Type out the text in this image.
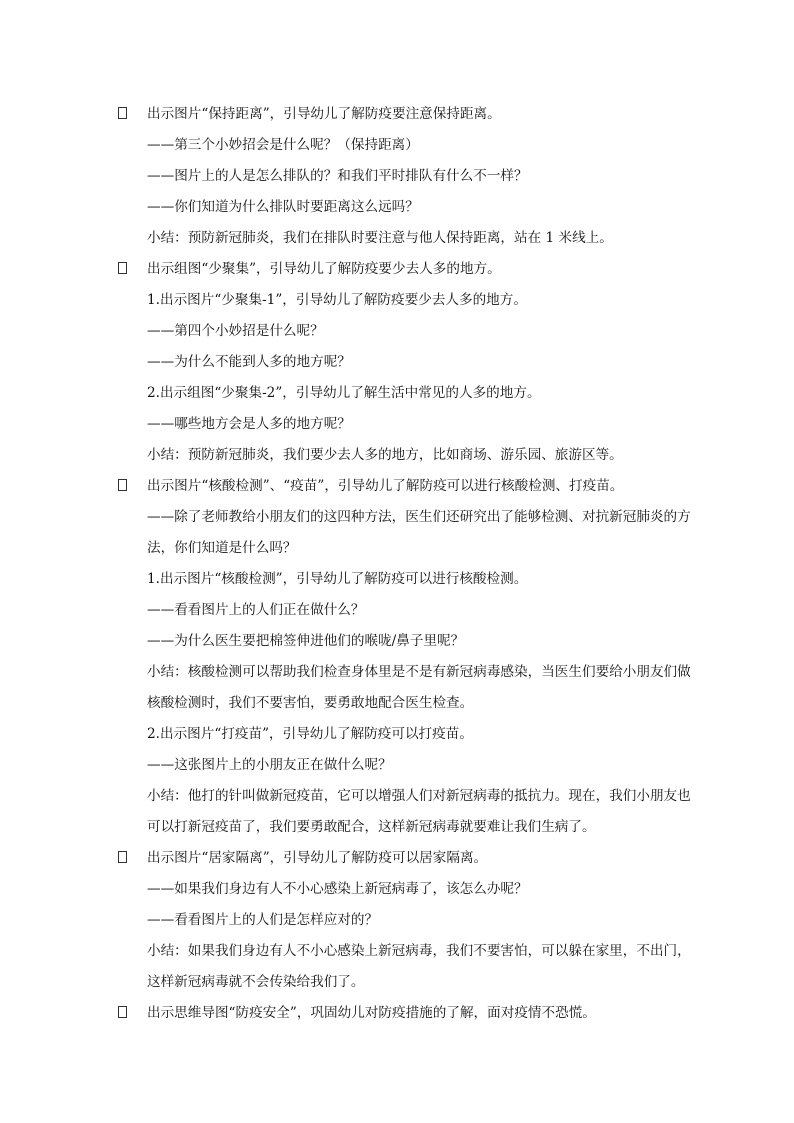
出示图片“保持距离”，引导幼儿了解防疫要注意保持距离。
——第三个小妙招会是什么呢？（保持距离）
——图片上的人是怎么排队的？和我们平时排队有什么不一样？
——你们知道为什么排队时要距离这么远吗？
小结：预防新冠肺炎，我们在排队时要注意与他人保持距离，站在 1 米线上。
出示组图“少聚集”，引导幼儿了解防疫要少去人多的地方。
1.出示图片“少聚集-1”，引导幼儿了解防疫要少去人多的地方。
——第四个小妙招是什么呢？
——为什么不能到人多的地方呢？
2.出示组图“少聚集-2”，引导幼儿了解生活中常见的人多的地方。
——哪些地方会是人多的地方呢？
小结：预防新冠肺炎，我们要少去人多的地方，比如商场、游乐园、旅游区等。
出示图片“核酸检测”、“疫苗”，引导幼儿了解防疫可以进行核酸检测、打疫苗。
——除了老师教给小朋友们的这四种方法，医生们还研究出了能够检测、对抗新冠肺炎的方
法，你们知道是什么吗？
1.出示图片“核酸检测”，引导幼儿了解防疫可以进行核酸检测。
——看看图片上的人们正在做什么？
——为什么医生要把棉签伸进他们的喉咙/鼻子里呢？
小结：核酸检测可以帮助我们检查身体里是不是有新冠病毒感染，当医生们要给小朋友们做
核酸检测时，我们不要害怕，要勇敢地配合医生检查。
2.出示图片“打疫苗”，引导幼儿了解防疫可以打疫苗。
——这张图片上的小朋友正在做什么呢？
小结：他打的针叫做新冠疫苗，它可以增强人们对新冠病毒的抵抗力。现在，我们小朋友也
可以打新冠疫苗了，我们要勇敢配合，这样新冠病毒就要难让我们生病了。
出示图片“居家隔离”，引导幼儿了解防疫可以居家隔离。
——如果我们身边有人不小心感染上新冠病毒了，该怎么办呢？
——看看图片上的人们是怎样应对的？
小结：如果我们身边有人不小心感染上新冠病毒，我们不要害怕，可以躲在家里，不出门，
这样新冠病毒就不会传染给我们了。
出示思维导图“防疫安全”，巩固幼儿对防疫措施的了解，面对疫情不恐慌。
